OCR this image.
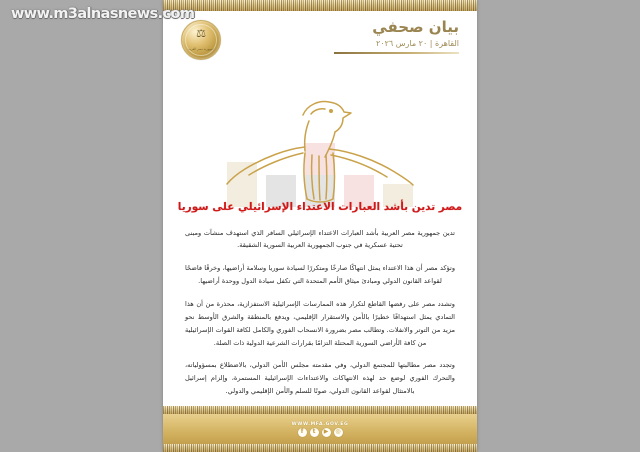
www.m3alnasnews.com
بيان صحفي
القاهرة | ٢٠ مارس ٢٠٢٦
⚖
جمهورية مصر العربية
مصر تدين بأشد العبارات الاعتداء الإسرائيلي على سوريا

تدين جمهورية مصر العربية بأشد العبارات الاعتداء الإسرائيلي السافر الذي استهدف منشآت ومبنى تحتية عسكرية في جنوب الجمهورية العربية السورية الشقيقة.

وتؤكد مصر أن هذا الاعتداء يمثل انتهاكًا صارخًا ومتكررًا لسيادة سوريا وسلامة أراضيها، وخرقًا فاضحًا لقواعد القانون الدولي ومبادئ ميثاق الأمم المتحدة التي تكفل سيادة الدول ووحدة أراضيها.

وتشدد مصر على رفضها القاطع لتكرار هذه الممارسات الإسرائيلية الاستفزازية، محذرة من أن هذا التمادي يمثل استهدافًا خطيرًا بالأمن والاستقرار الإقليمي، ويدفع بالمنطقة والشرق الأوسط نحو مزيد من التوتر والانفلات. وتطالب مصر بضرورة الانسحاب الفوري والكامل لكافة القوات الإسرائيلية من كافة الأراضي السورية المحتلة التزامًا بقرارات الشرعية الدولية ذات الصلة.

وتجدد مصر مطالبتها للمجتمع الدولي، وفي مقدمته مجلس الأمن الدولي، بالاضطلاع بمسؤولياته، والتحرك الفوري لوضع حد لهذه الانتهاكات والاعتداءات الإسرائيلية المستمرة، وإلزام إسرائيل بالامتثال لقواعد القانون الدولي، صونًا للسلم والأمن الإقليمي والدولي.

WWW.MFA.GOV.EG
f	t	▶	◎
